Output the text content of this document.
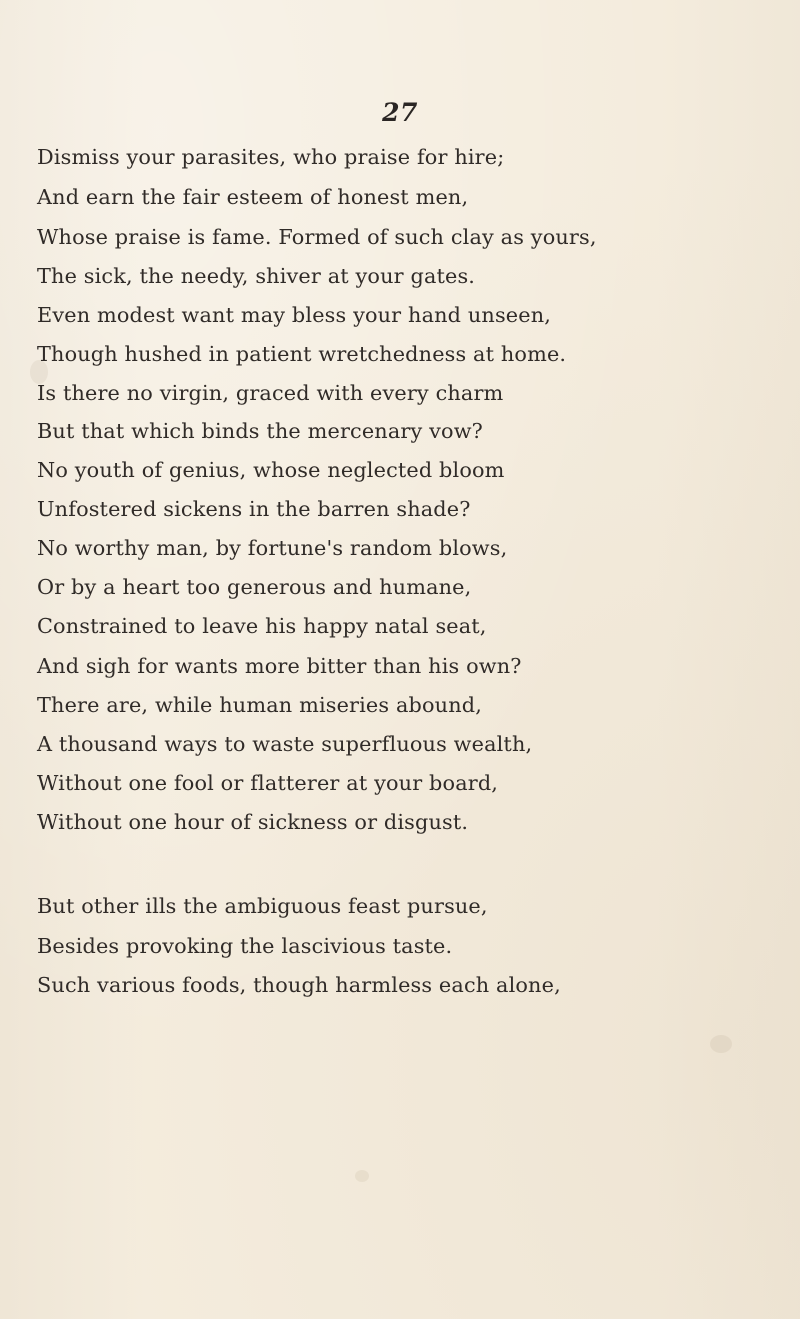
27
Dismiss your parasites, who praise for hire;
And earn the fair esteem of honest men,
Whose praise is fame. Formed of such clay as yours,
The sick, the needy, shiver at your gates.
Even modest want may bless your hand unseen,
Though hushed in patient wretchedness at home.
Is there no virgin, graced with every charm
But that which binds the mercenary vow?
No youth of genius, whose neglected bloom
Unfostered sickens in the barren shade?
No worthy man, by fortune's random blows,
Or by a heart too generous and humane,
Constrained to leave his happy natal seat,
And sigh for wants more bitter than his own?
There are, while human miseries abound,
A thousand ways to waste superfluous wealth,
Without one fool or flatterer at your board,
Without one hour of sickness or disgust.
But other ills the ambiguous feast pursue,
Besides provoking the lascivious taste.
Such various foods, though harmless each alone,
